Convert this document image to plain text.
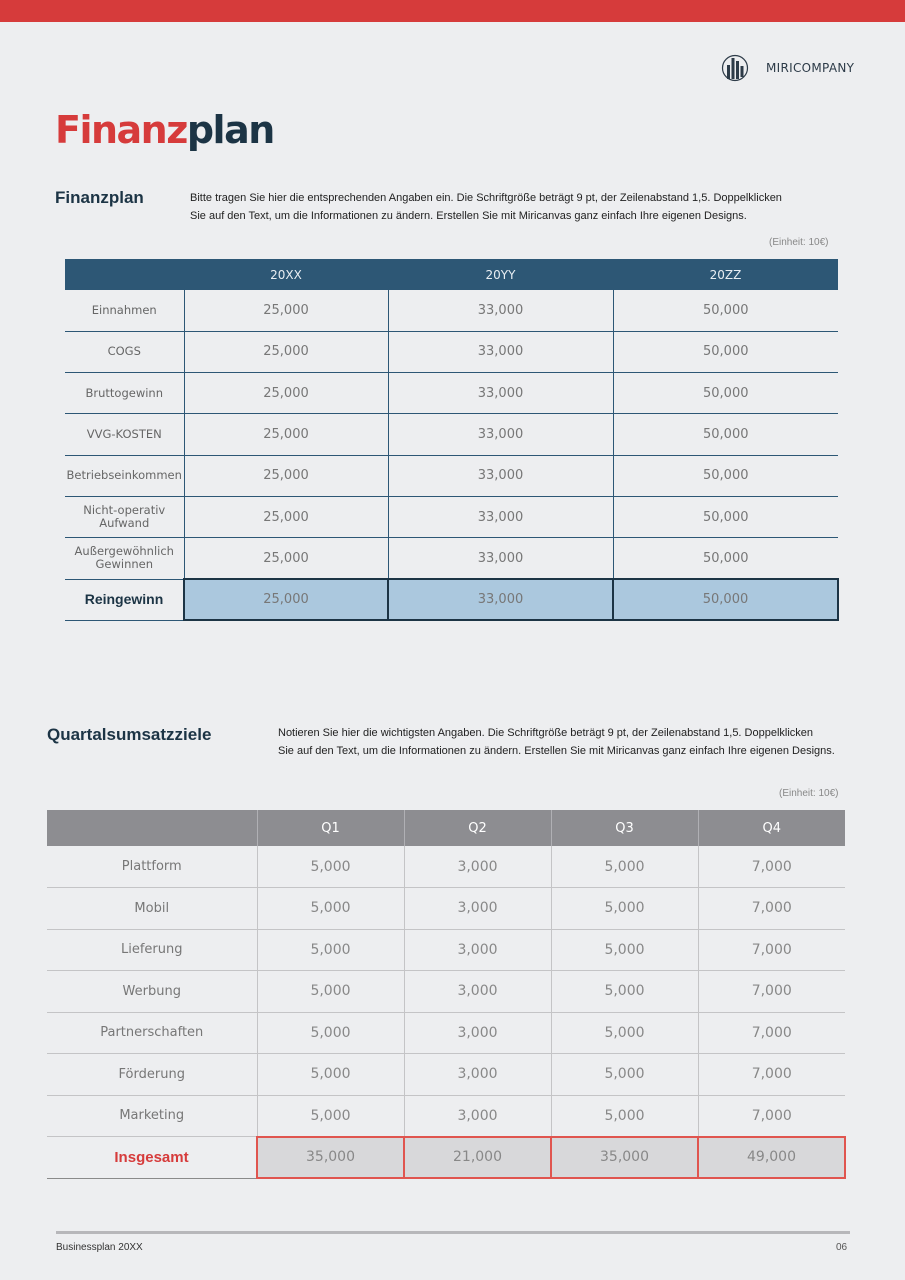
MIRICOMPANY
Finanzplan
Finanzplan	Bitte tragen Sie hier die entsprechenden Angaben ein. Die Schriftgröße beträgt 9 pt, der Zeilenabstand 1,5. Doppelklicken
Sie auf den Text, um die Informationen zu ändern. Erstellen Sie mit Miricanvas ganz einfach Ihre eigenen Designs.
(Einheit: 10€)
	20XX	20YY	20ZZ
Einnahmen	25,000	33,000	50,000
COGS	25,000	33,000	50,000
Bruttogewinn	25,000	33,000	50,000
VVG-KOSTEN	25,000	33,000	50,000
Betriebseinkommen	25,000	33,000	50,000
Nicht-operativ Aufwand	25,000	33,000	50,000
Außergewöhnlich Gewinnen	25,000	33,000	50,000
Reingewinn	25,000	33,000	50,000
Quartalsumsatzziele	Notieren Sie hier die wichtigsten Angaben. Die Schriftgröße beträgt 9 pt, der Zeilenabstand 1,5. Doppelklicken
Sie auf den Text, um die Informationen zu ändern. Erstellen Sie mit Miricanvas ganz einfach Ihre eigenen Designs.
(Einheit: 10€)
	Q1	Q2	Q3	Q4
Plattform	5,000	3,000	5,000	7,000
Mobil	5,000	3,000	5,000	7,000
Lieferung	5,000	3,000	5,000	7,000
Werbung	5,000	3,000	5,000	7,000
Partnerschaften	5,000	3,000	5,000	7,000
Förderung	5,000	3,000	5,000	7,000
Marketing	5,000	3,000	5,000	7,000
Insgesamt	35,000	21,000	35,000	49,000
Businessplan 20XX	06
